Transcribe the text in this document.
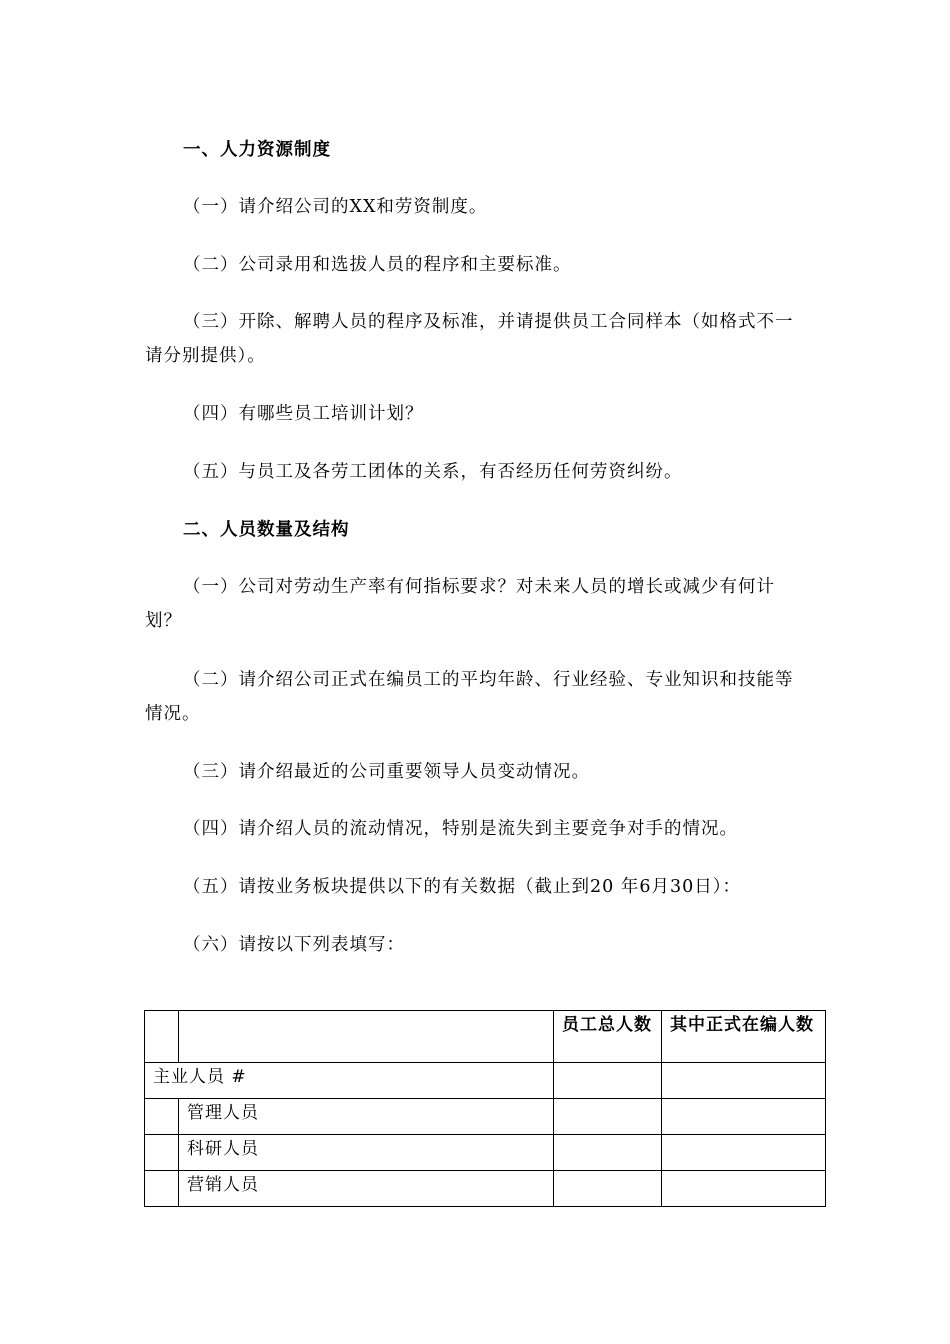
一、人力资源制度

（一）请介绍公司的XX和劳资制度。

（二）公司录用和选拔人员的程序和主要标准。

（三）开除、解聘人员的程序及标准，并请提供员工合同样本（如格式不一请分别提供）。

（四）有哪些员工培训计划？

（五）与员工及各劳工团体的关系，有否经历任何劳资纠纷。

二、人员数量及结构

（一）公司对劳动生产率有何指标要求？对未来人员的增长或减少有何计划？

（二）请介绍公司正式在编员工的平均年龄、行业经验、专业知识和技能等情况。

（三）请介绍最近的公司重要领导人员变动情况。

（四）请介绍人员的流动情况，特别是流失到主要竞争对手的情况。

（五）请按业务板块提供以下的有关数据（截止到20 年6月30日）：

（六）请按以下列表填写：

		员工总人数	其中正式在编人数
主业人员 #			
	管理人员		
	科研人员		
	营销人员		
